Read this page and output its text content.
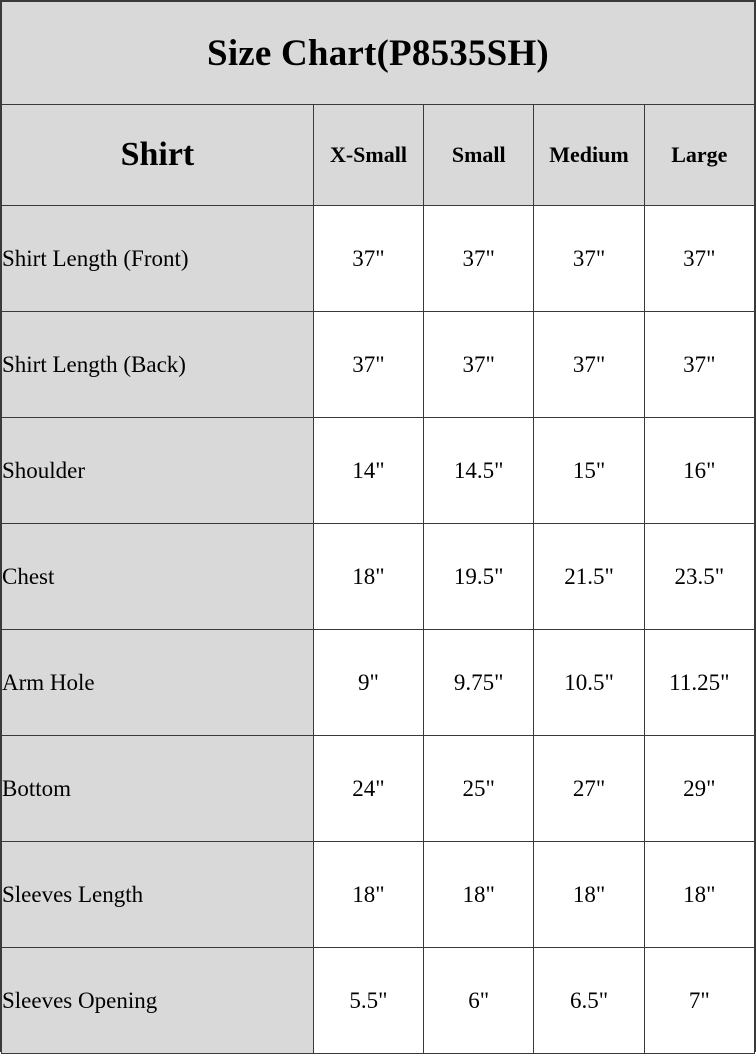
Size Chart(P8535SH)				
Shirt	X-Small	Small	Medium	Large
Shirt Length (Front)	37"	37"	37"	37"
Shirt Length (Back)	37"	37"	37"	37"
Shoulder	14"	14.5"	15"	16"
Chest	18"	19.5"	21.5"	23.5"
Arm Hole	9"	9.75"	10.5"	11.25"
Bottom	24"	25"	27"	29"
Sleeves Length	18"	18"	18"	18"
Sleeves Opening	5.5"	6"	6.5"	7"
